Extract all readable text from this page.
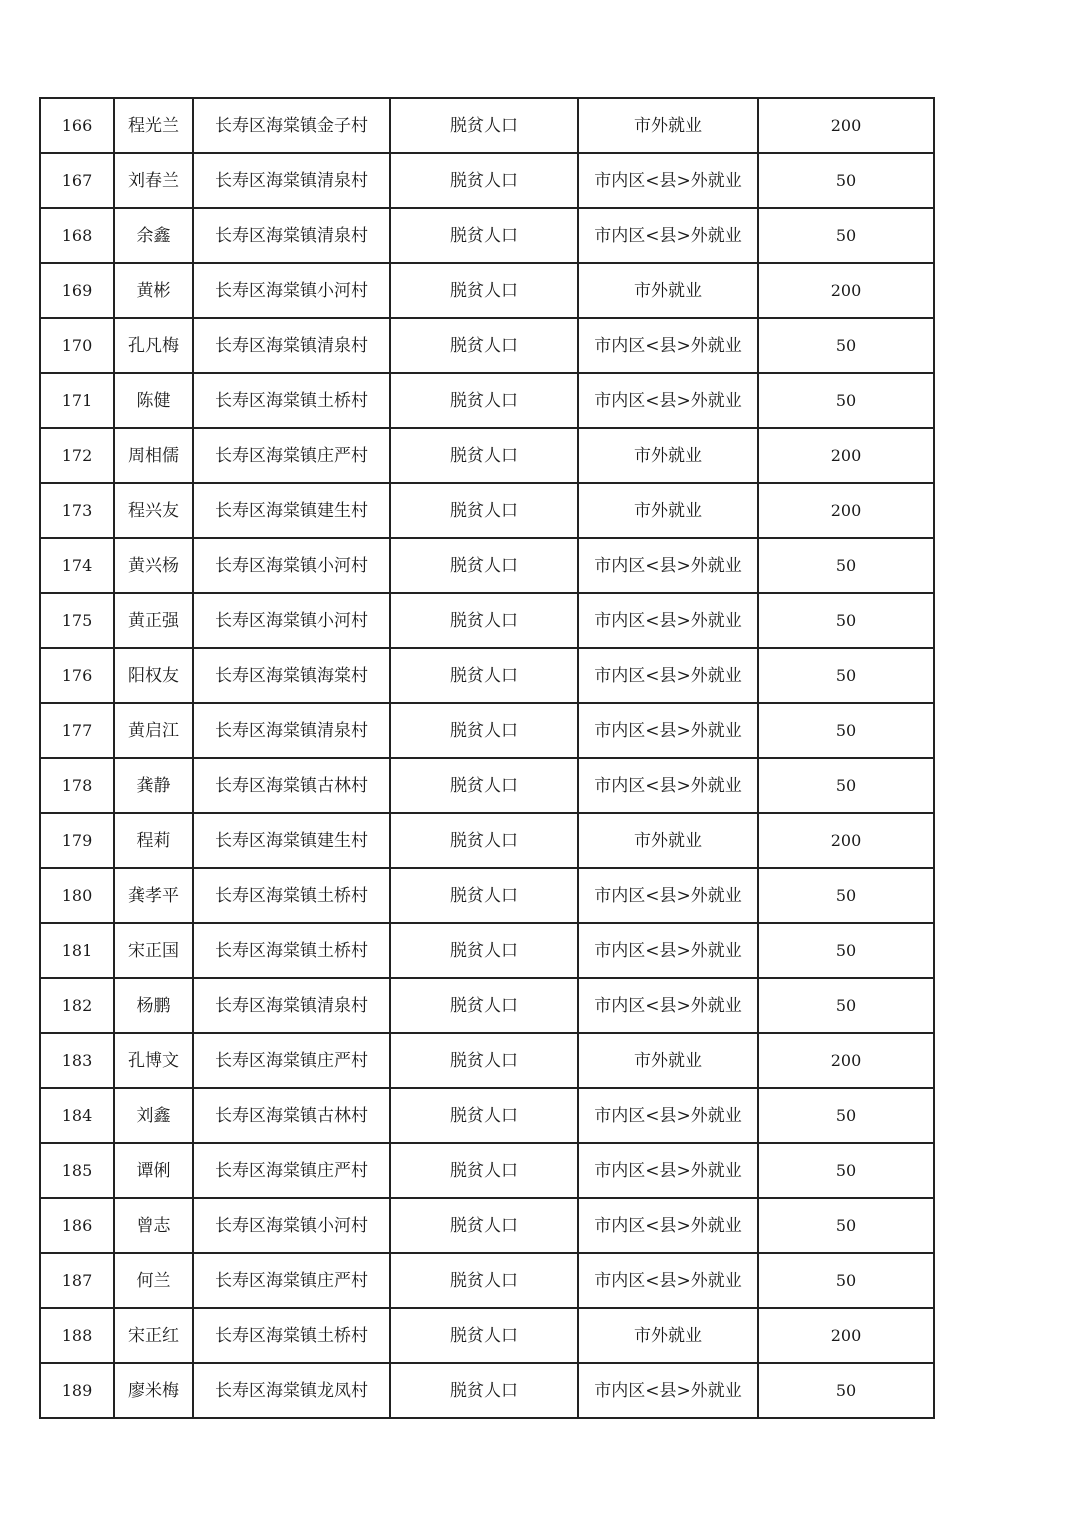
166	程光兰	长寿区海棠镇金子村	脱贫人口	市外就业	200
167	刘春兰	长寿区海棠镇清泉村	脱贫人口	市内区<县>外就业	50
168	余鑫	长寿区海棠镇清泉村	脱贫人口	市内区<县>外就业	50
169	黄彬	长寿区海棠镇小河村	脱贫人口	市外就业	200
170	孔凡梅	长寿区海棠镇清泉村	脱贫人口	市内区<县>外就业	50
171	陈健	长寿区海棠镇土桥村	脱贫人口	市内区<县>外就业	50
172	周相儒	长寿区海棠镇庄严村	脱贫人口	市外就业	200
173	程兴友	长寿区海棠镇建生村	脱贫人口	市外就业	200
174	黄兴杨	长寿区海棠镇小河村	脱贫人口	市内区<县>外就业	50
175	黄正强	长寿区海棠镇小河村	脱贫人口	市内区<县>外就业	50
176	阳权友	长寿区海棠镇海棠村	脱贫人口	市内区<县>外就业	50
177	黄启江	长寿区海棠镇清泉村	脱贫人口	市内区<县>外就业	50
178	龚静	长寿区海棠镇古林村	脱贫人口	市内区<县>外就业	50
179	程莉	长寿区海棠镇建生村	脱贫人口	市外就业	200
180	龚孝平	长寿区海棠镇土桥村	脱贫人口	市内区<县>外就业	50
181	宋正国	长寿区海棠镇土桥村	脱贫人口	市内区<县>外就业	50
182	杨鹏	长寿区海棠镇清泉村	脱贫人口	市内区<县>外就业	50
183	孔博文	长寿区海棠镇庄严村	脱贫人口	市外就业	200
184	刘鑫	长寿区海棠镇古林村	脱贫人口	市内区<县>外就业	50
185	谭俐	长寿区海棠镇庄严村	脱贫人口	市内区<县>外就业	50
186	曾志	长寿区海棠镇小河村	脱贫人口	市内区<县>外就业	50
187	何兰	长寿区海棠镇庄严村	脱贫人口	市内区<县>外就业	50
188	宋正红	长寿区海棠镇土桥村	脱贫人口	市外就业	200
189	廖米梅	长寿区海棠镇龙凤村	脱贫人口	市内区<县>外就业	50
